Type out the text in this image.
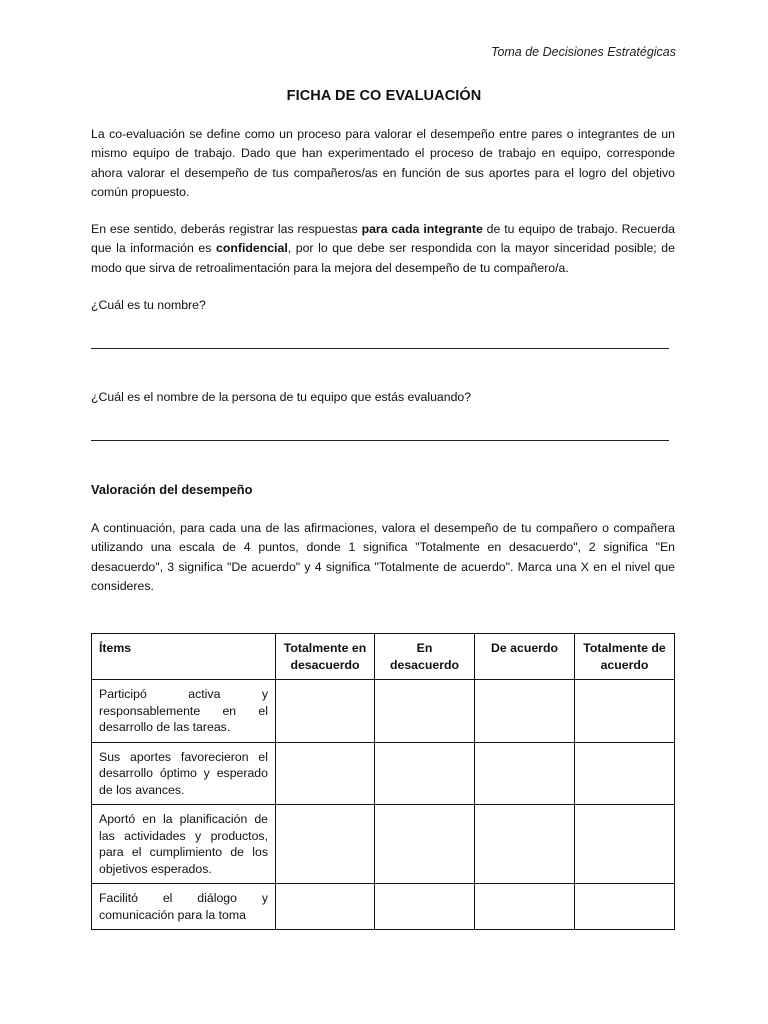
Toma de Decisiones Estratégicas
FICHA DE CO EVALUACIÓN

La co-evaluación se define como un proceso para valorar el desempeño entre pares o integrantes de un mismo equipo de trabajo. Dado que han experimentado el proceso de trabajo en equipo, corresponde ahora valorar el desempeño de tus compañeros/as en función de sus aportes para el logro del objetivo común propuesto.

En ese sentido, deberás registrar las respuestas para cada integrante de tu equipo de trabajo. Recuerda que la información es confidencial, por lo que debe ser respondida con la mayor sinceridad posible; de modo que sirva de retroalimentación para la mejora del desempeño de tu compañero/a.

¿Cuál es tu nombre?

¿Cuál es el nombre de la persona de tu equipo que estás evaluando?

Valoración del desempeño

A continuación, para cada una de las afirmaciones, valora el desempeño de tu compañero o compañera utilizando una escala de 4 puntos, donde 1 significa "Totalmente en desacuerdo", 2 significa "En desacuerdo", 3 significa "De acuerdo" y 4 significa "Totalmente de acuerdo". Marca una X en el nivel que consideres.

Ítems	Totalmente en desacuerdo	En desacuerdo	De acuerdo	Totalmente de acuerdo
Participó activa y responsablemente en el desarrollo de las tareas.				
Sus aportes favorecieron el desarrollo óptimo y esperado de los avances.				
Aportó en la planificación de las actividades y productos, para el cumplimiento de los objetivos esperados.				
Facilitó el diálogo y comunicación para la toma				
